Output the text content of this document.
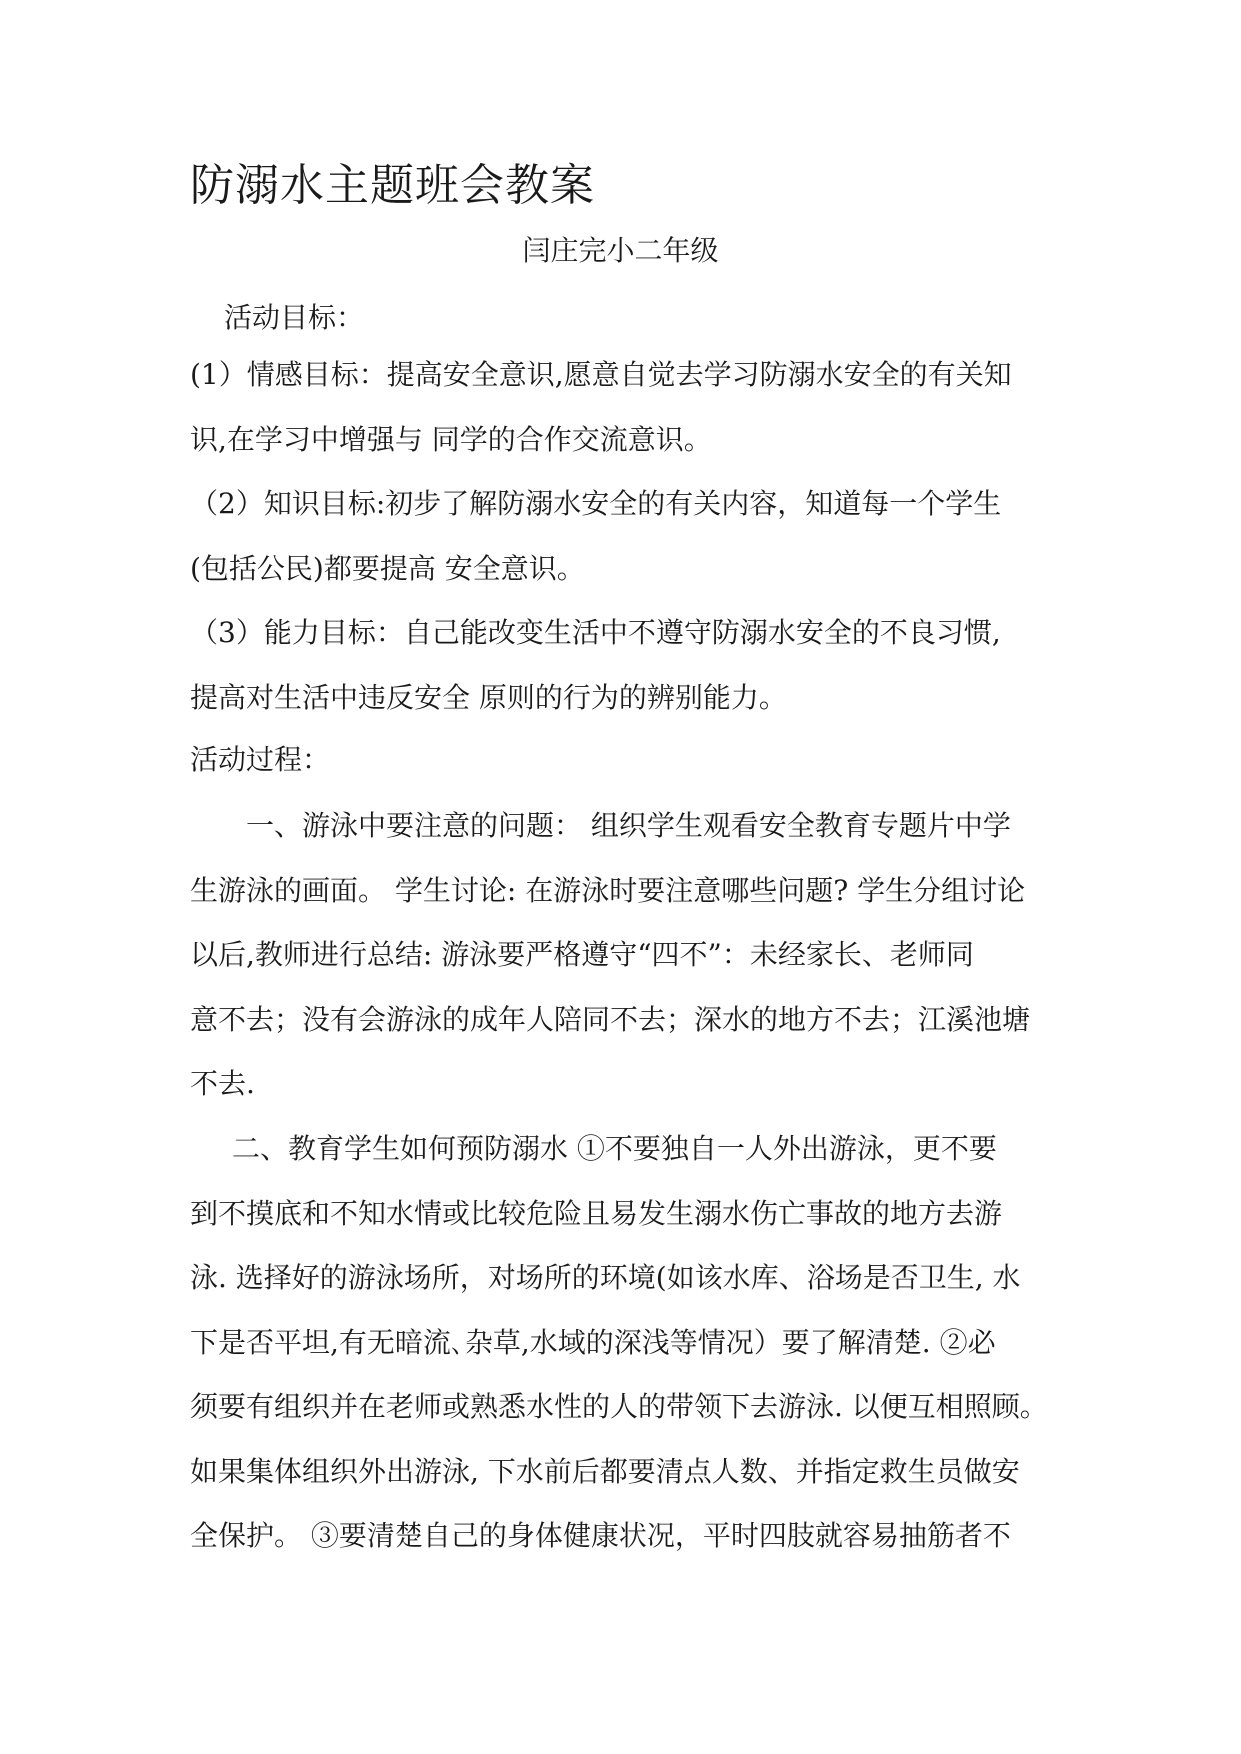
防溺水主题班会教案
闫庄完小二年级
活动目标：
(1）情感目标：提高安全意识,愿意自觉去学习防溺水安全的有关知
识,在学习中增强与 同学的合作交流意识。
（2）知识目标:初步了解防溺水安全的有关内容，知道每一个学生
(包括公民)都要提高 安全意识。
（3）能力目标：自己能改变生活中不遵守防溺水安全的不良习惯,
提高对生活中违反安全 原则的行为的辨别能力。
活动过程：
一、游泳中要注意的问题： 组织学生观看安全教育专题片中学
生游泳的画面。 学生讨论: 在游泳时要注意哪些问题? 学生分组讨论
以后,教师进行总结: 游泳要严格遵守“四不”：未经家长、老师同
意不去；没有会游泳的成年人陪同不去；深水的地方不去；江溪池塘
不去.
二、教育学生如何预防溺水 ①不要独自一人外出游泳，更不要
到不摸底和不知水情或比较危险且易发生溺水伤亡事故的地方去游
泳. 选择好的游泳场所，对场所的环境(如该水库、浴场是否卫生, 水
下是否平坦,有无暗流､杂草,水域的深浅等情况）要了解清楚. ②必
须要有组织并在老师或熟悉水性的人的带领下去游泳. 以便互相照顾。
如果集体组织外出游泳, 下水前后都要清点人数、并指定救生员做安
全保护。 ③要清楚自己的身体健康状况，平时四肢就容易抽筋者不
